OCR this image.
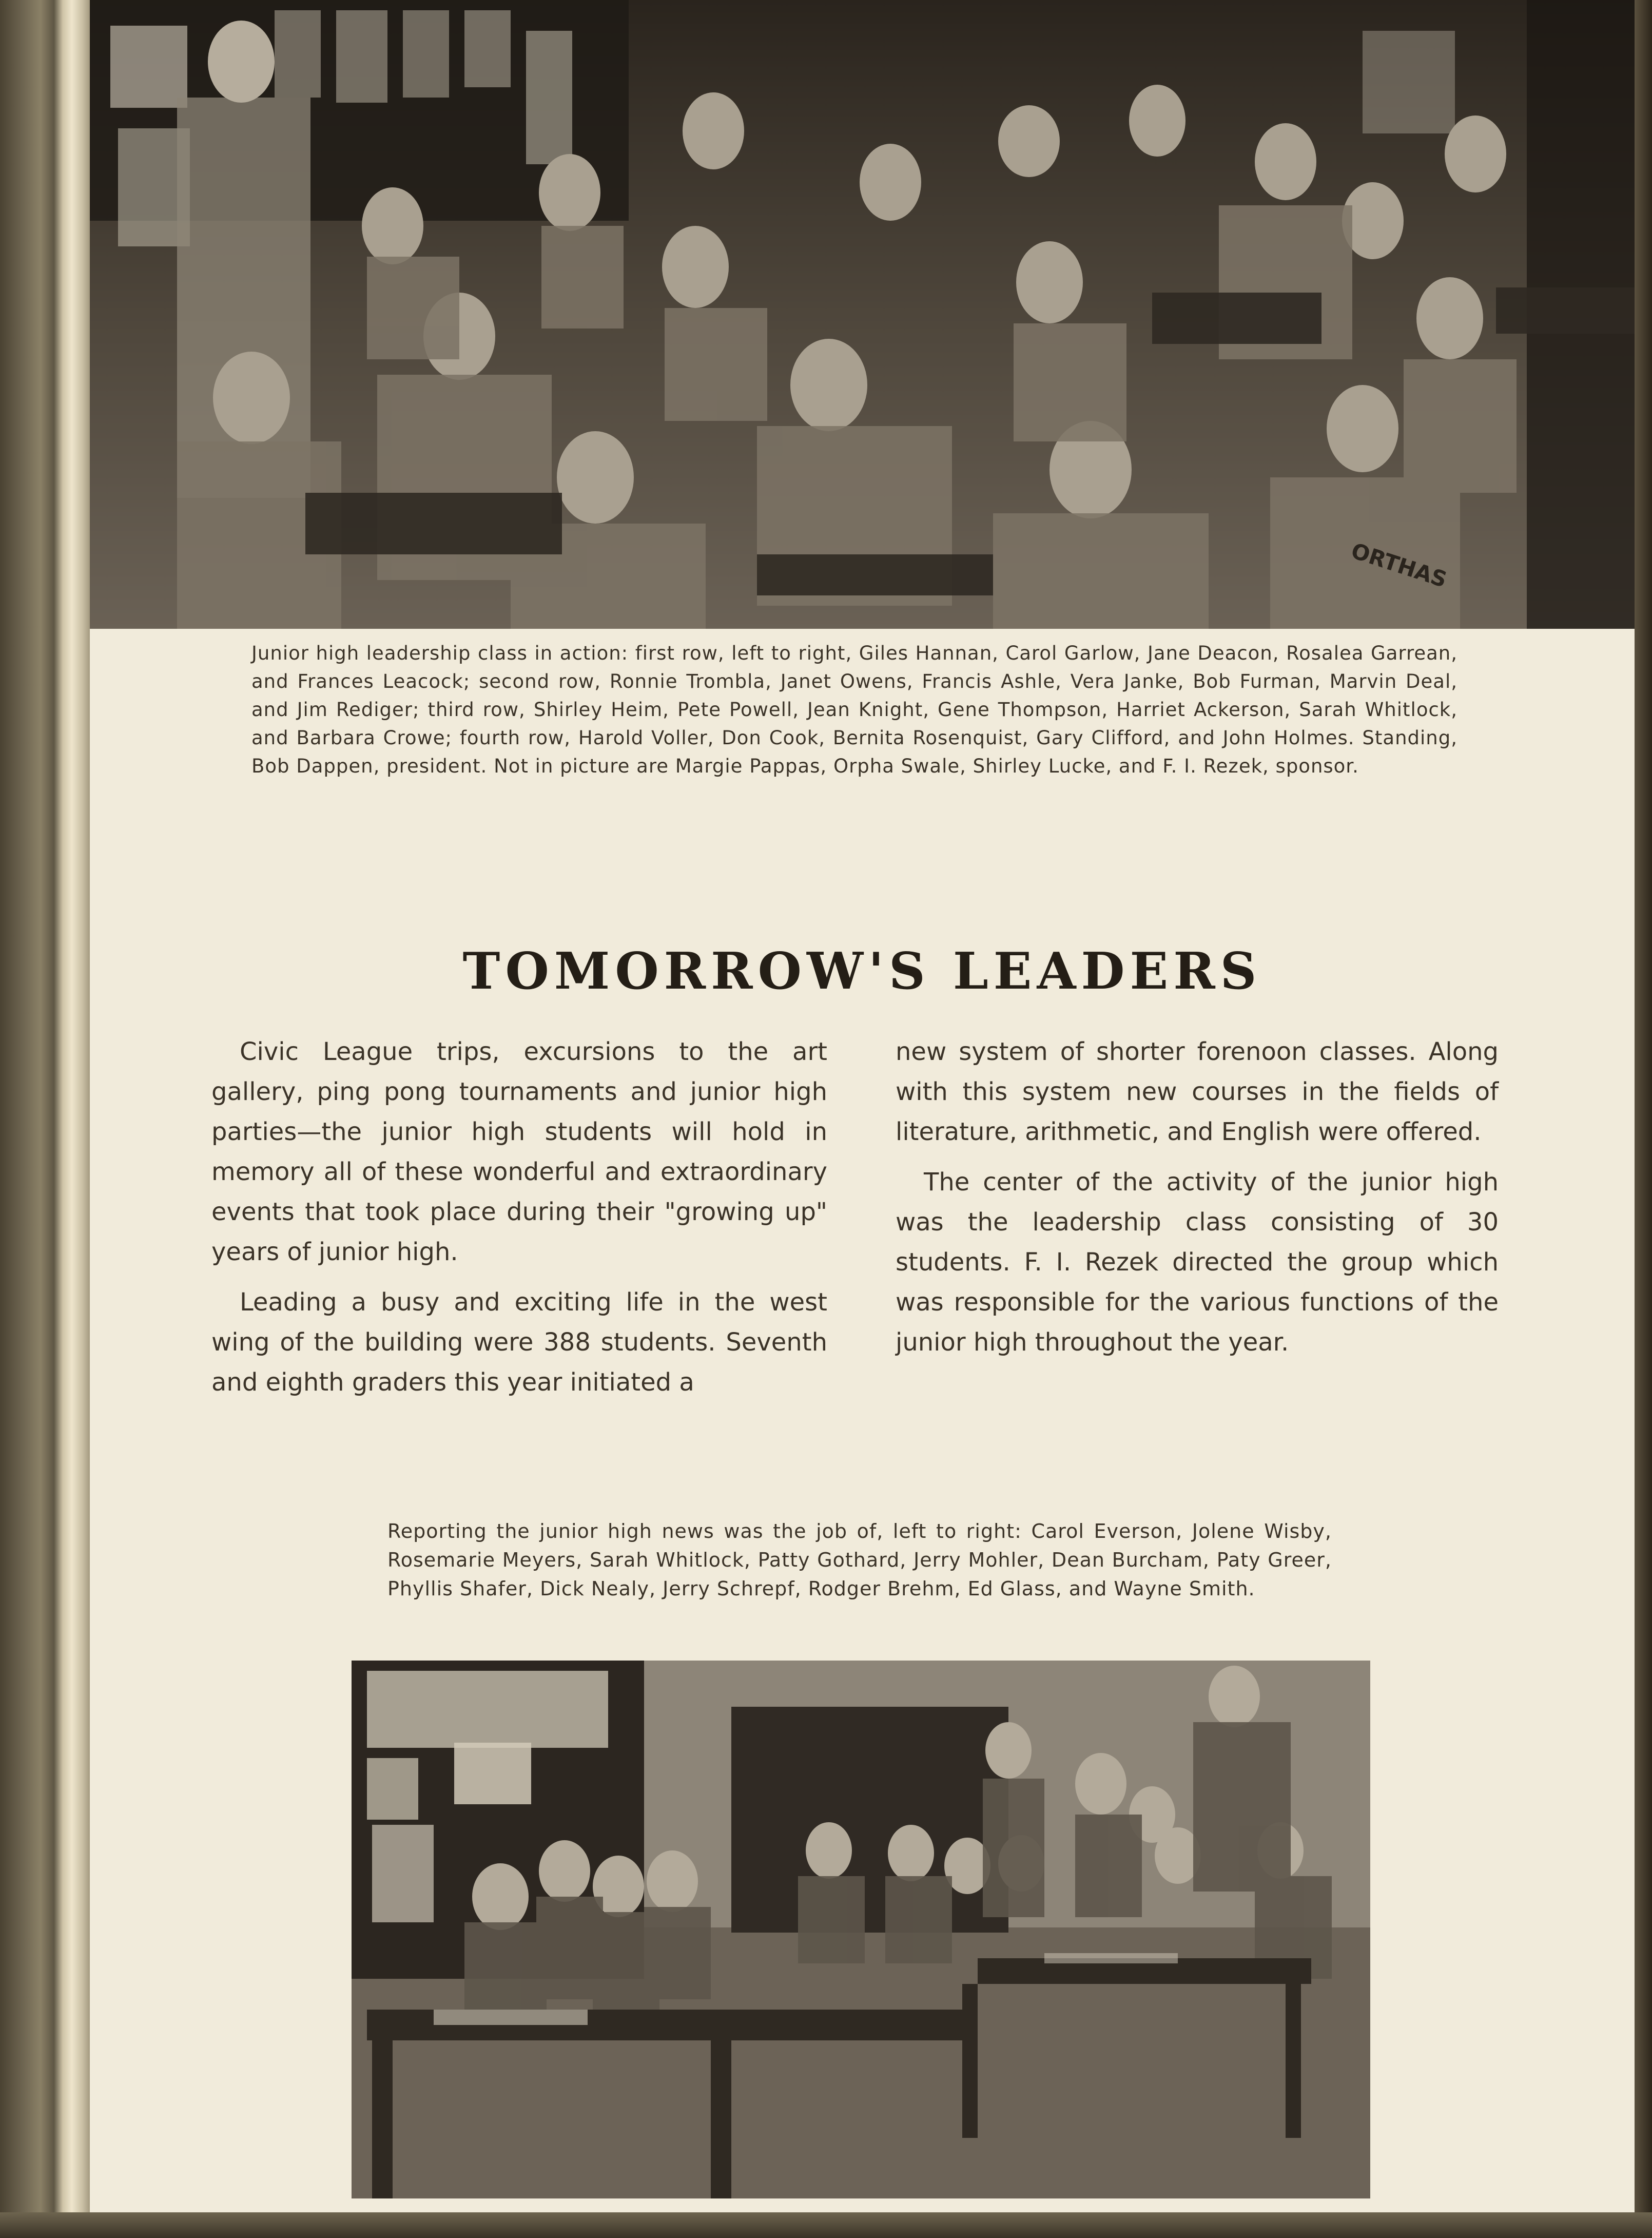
ORTHAS

Junior high leadership class in action: first row, left to right, Giles Hannan, Carol Garlow, Jane Deacon, Rosalea Garrean, and Frances Leacock; second row, Ronnie Trombla, Janet Owens, Francis Ashle, Vera Janke, Bob Furman, Marvin Deal, and Jim Rediger; third row, Shirley Heim, Pete Powell, Jean Knight, Gene Thompson, Harriet Ackerson, Sarah Whitlock, and Barbara Crowe; fourth row, Harold Voller, Don Cook, Bernita Rosenquist, Gary Clifford, and John Holmes. Standing, Bob Dappen, president. Not in picture are Margie Pappas, Orpha Swale, Shirley Lucke, and F. I. Rezek, sponsor.

TOMORROW'S LEADERS

Civic League trips, excursions to the art gallery, ping pong tournaments and junior high parties—the junior high students will hold in memory all of these wonderful and extraordinary events that took place during their "growing up" years of junior high.

Leading a busy and exciting life in the west wing of the building were 388 students. Seventh and eighth graders this year initiated a

new system of shorter forenoon classes. Along with this system new courses in the fields of literature, arithmetic, and English were offered.

The center of the activity of the junior high was the leadership class consisting of 30 students. F. I. Rezek directed the group which was responsible for the various functions of the junior high throughout the year.

Reporting the junior high news was the job of, left to right: Carol Everson, Jolene Wisby, Rosemarie Meyers, Sarah Whitlock, Patty Gothard, Jerry Mohler, Dean Burcham, Paty Greer, Phyllis Shafer, Dick Nealy, Jerry Schrepf, Rodger Brehm, Ed Glass, and Wayne Smith.
